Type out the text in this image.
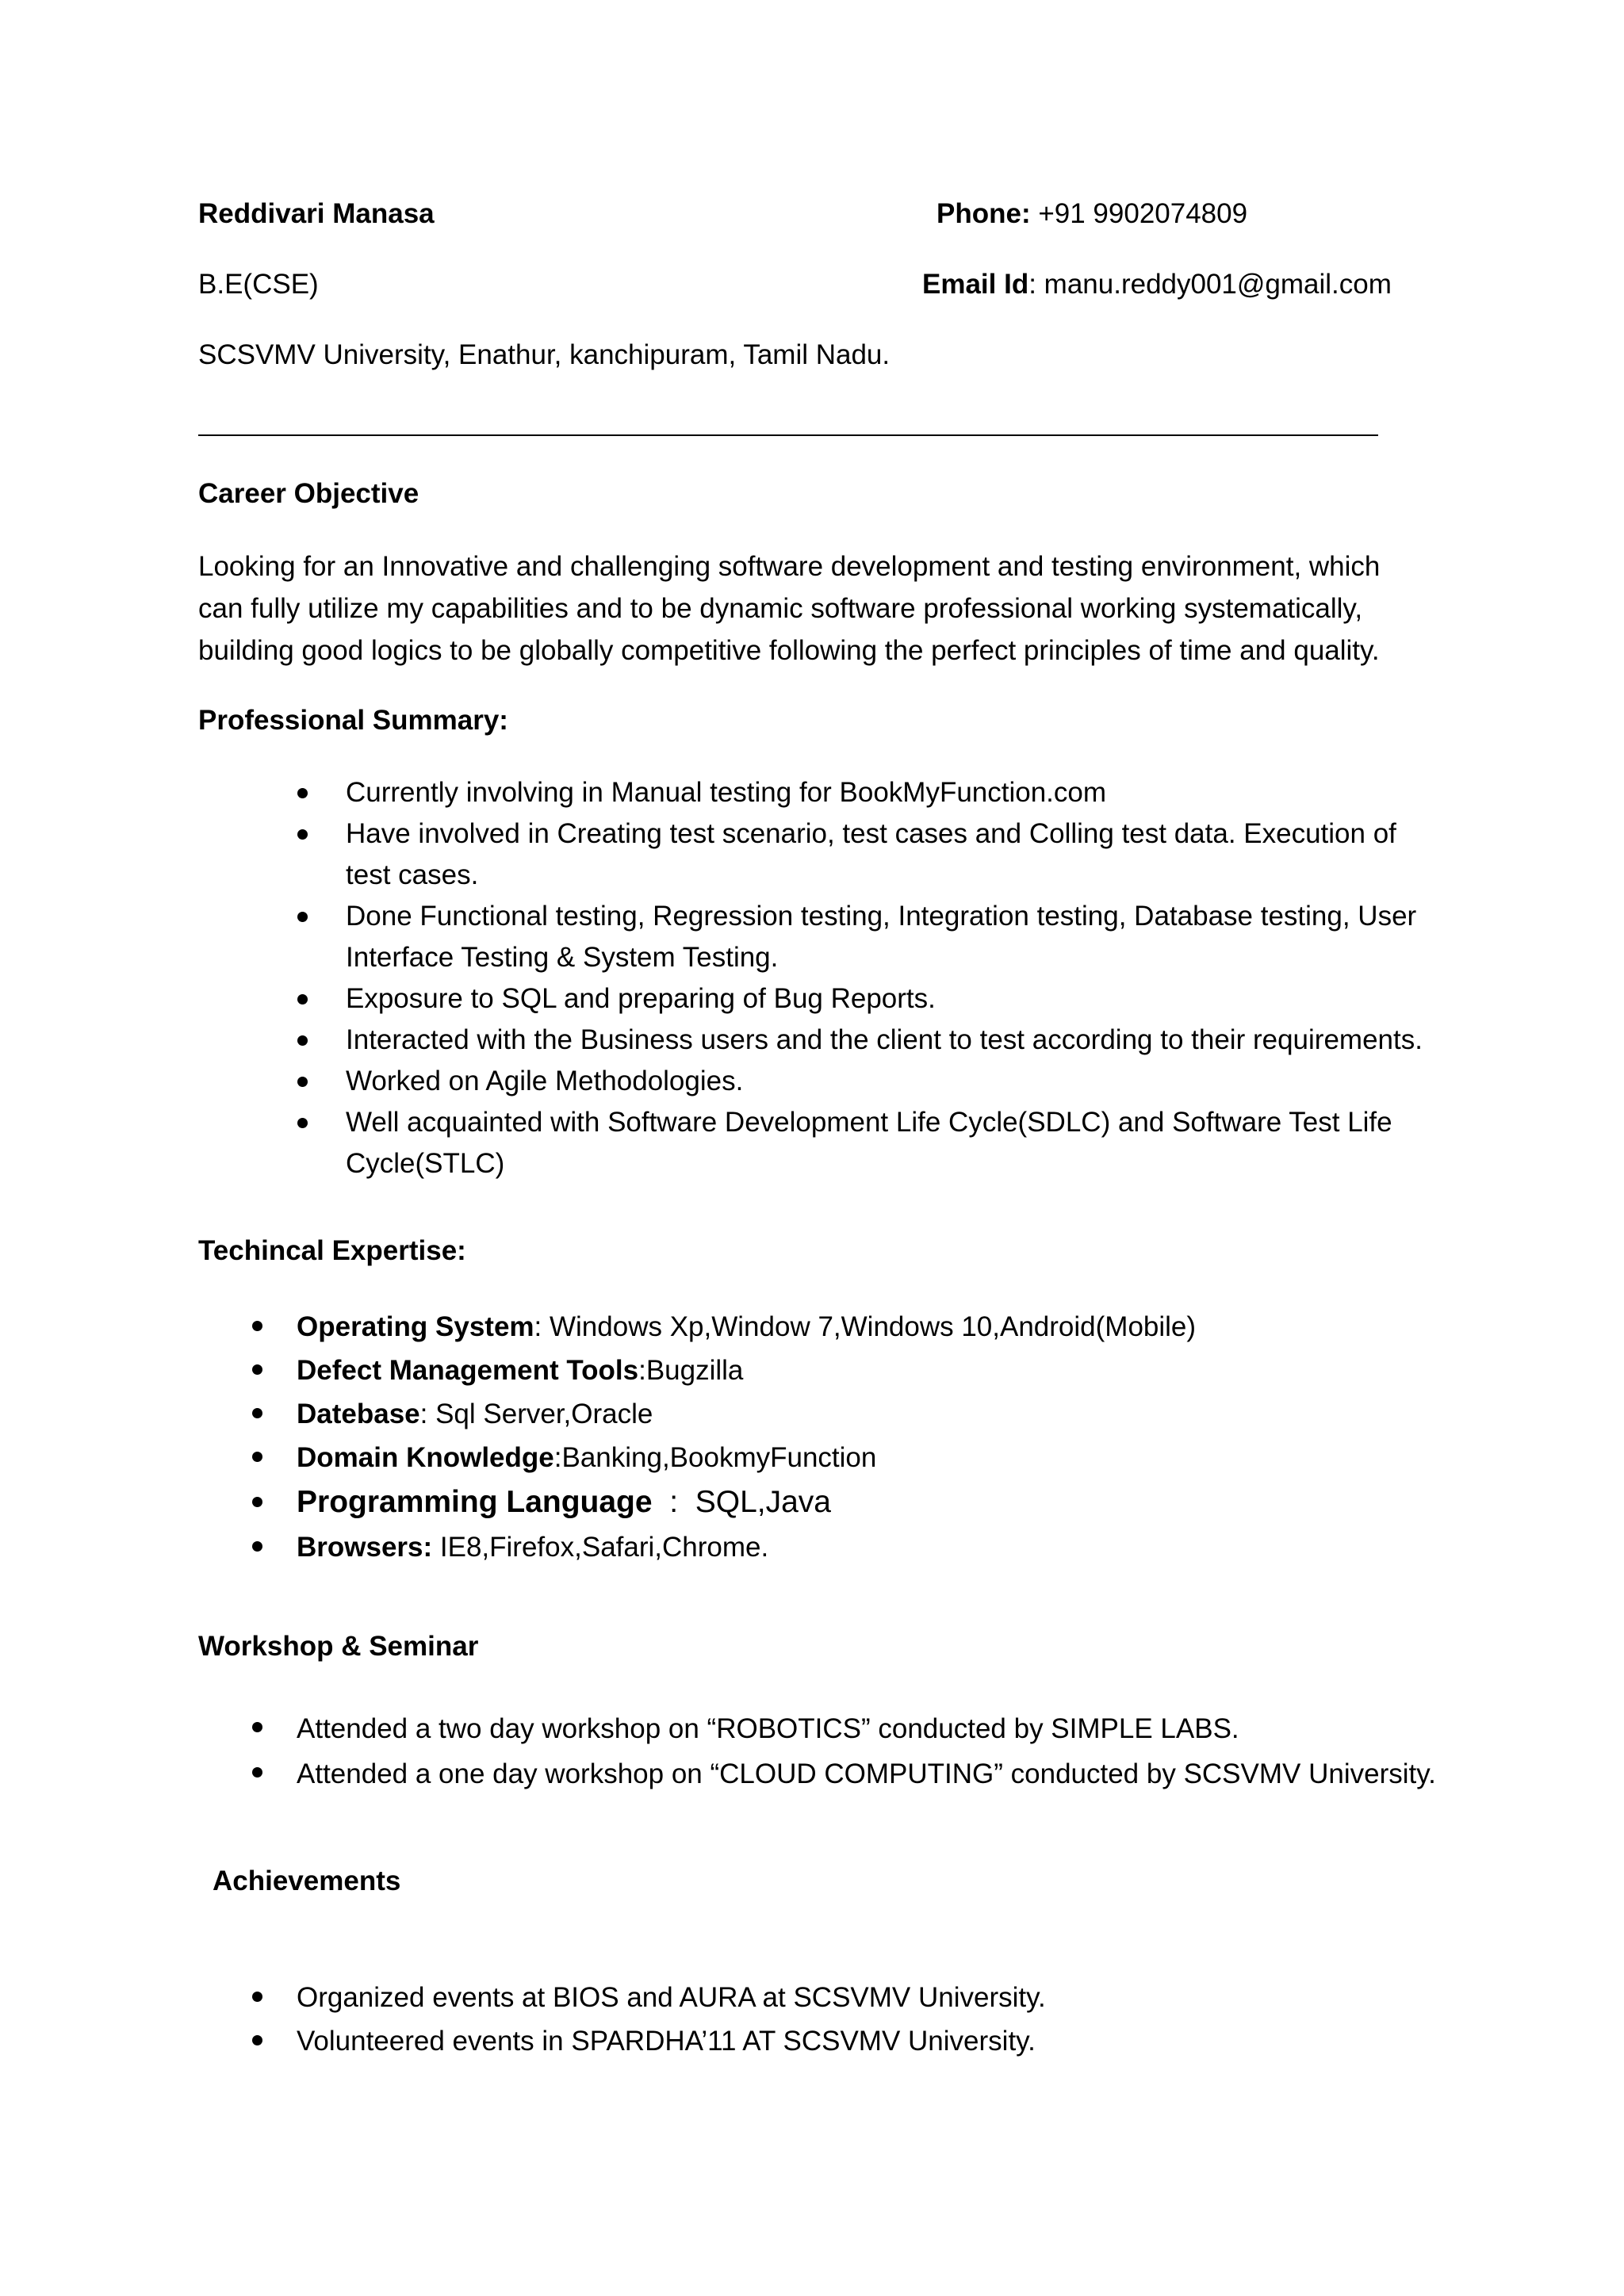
Reddivari Manasa	Phone: +91 9902074809
B.E(CSE)	Email Id: manu.reddy001@gmail.com
SCSVMV University, Enathur, kanchipuram, Tamil Nadu.
Career Objective
Looking for an Innovative and challenging software development and testing environment, which
can fully utilize my capabilities and to be dynamic software professional working systematically,
building good logics to be globally competitive following the perfect principles of time and quality.
Professional Summary:
Currently involving in Manual testing for BookMyFunction.com
Have involved in Creating test scenario, test cases and Colling test data. Execution of test cases.
Done Functional testing, Regression testing, Integration testing, Database testing, User Interface Testing & System Testing.
Exposure to SQL and preparing of Bug Reports.
Interacted with the Business users and the client to test according to their requirements.
Worked on Agile Methodologies.
Well acquainted with Software Development Life Cycle(SDLC) and Software Test Life Cycle(STLC)
Techincal Expertise:
Operating System: Windows Xp,Window 7,Windows 10,Android(Mobile)
Defect Management Tools:Bugzilla
Datebase: Sql Server,Oracle
Domain Knowledge:Banking,BookmyFunction
Programming Language  :  SQL,Java
Browsers: IE8,Firefox,Safari,Chrome.
Workshop & Seminar
Attended a two day workshop on “ROBOTICS” conducted by SIMPLE LABS.
Attended a one day workshop on “CLOUD COMPUTING” conducted by SCSVMV University.
Achievements
Organized events at BIOS and AURA at SCSVMV University.
Volunteered events in SPARDHA’11 AT SCSVMV University.
